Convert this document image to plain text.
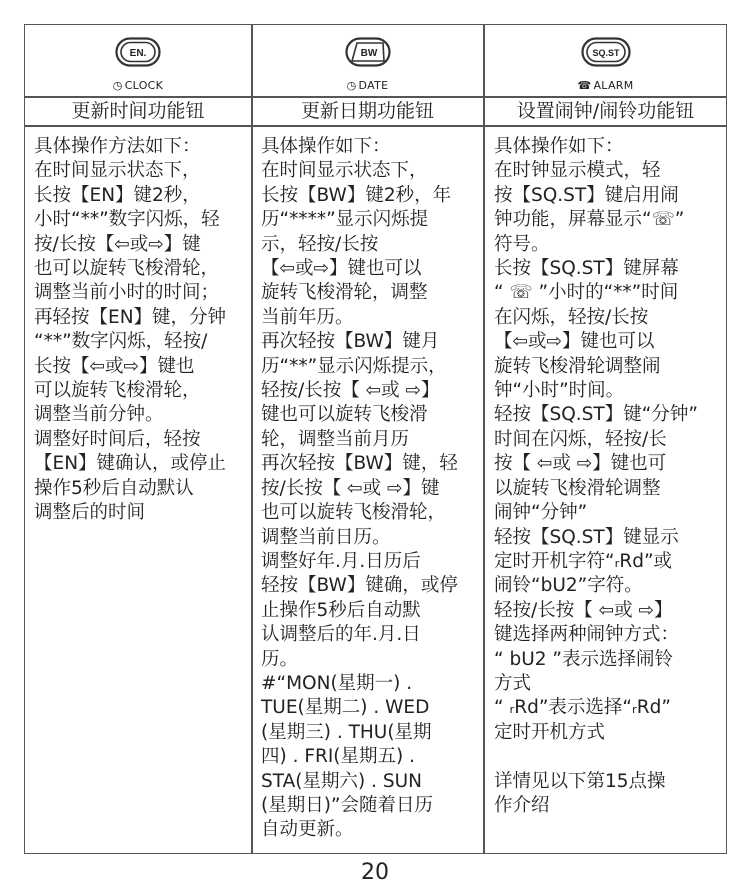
EN.
◷ CLOCK
更新时间功能钮
具体操作方法如下：
在时间显示状态下，
长按【EN】键2秒，
小时“**”数字闪烁，轻
按/长按【⇦或⇨】键
也可以旋转飞梭滑轮，
调整当前小时的时间；
再轻按【EN】键，分钟
“**”数字闪烁，轻按/
长按【⇦或⇨】键也
可以旋转飞梭滑轮，
调整当前分钟。
调整好时间后，轻按
【EN】键确认，或停止
操作5秒后自动默认
调整后的时间
BW
◷ DATE
更新日期功能钮
具体操作如下：
在时间显示状态下，
长按【BW】键2秒，年
历“****”显示闪烁提
示，轻按/长按
【⇦或⇨】键也可以
旋转飞梭滑轮，调整
当前年历。
再次轻按【BW】键月
历“**”显示闪烁提示，
轻按/长按【 ⇦或 ⇨】
键也可以旋转飞梭滑
轮，调整当前月历
再次轻按【BW】键，轻
按/长按【 ⇦或 ⇨】键
也可以旋转飞梭滑轮，
调整当前日历。
调整好年.月.日历后
轻按【BW】键确，或停
止操作5秒后自动默
认调整后的年.月.日
历。
#“MON(星期一) .
TUE(星期二) . WED
(星期三) . THU(星期
四) . FRI(星期五) .
STA(星期六) . SUN
(星期日)”会随着日历
自动更新。
SQ.ST
☎ ALARM
设置闹钟/闹铃功能钮
具体操作如下：
在时钟显示模式，轻
按【SQ.ST】键启用闹
钟功能，屏幕显示“☏”
符号。
长按【SQ.ST】键屏幕
“ ☏ ”小时的“**”时间
在闪烁，轻按/长按
【⇦或⇨】键也可以
旋转飞梭滑轮调整闹
钟“小时”时间。
轻按【SQ.ST】键“分钟”
时间在闪烁，轻按/长
按【 ⇦或 ⇨】键也可
以旋转飞梭滑轮调整
闹钟“分钟”
轻按【SQ.ST】键显示
定时开机字符“ᵣRd”或
闹铃“bU2”字符。
轻按/长按【 ⇦或 ⇨】
键选择两种闹钟方式：
“ bU2 ”表示选择闹铃
方式
“ ᵣRd”表示选择“ᵣRd”
定时开机方式

详情见以下第15点操
作介绍
20
